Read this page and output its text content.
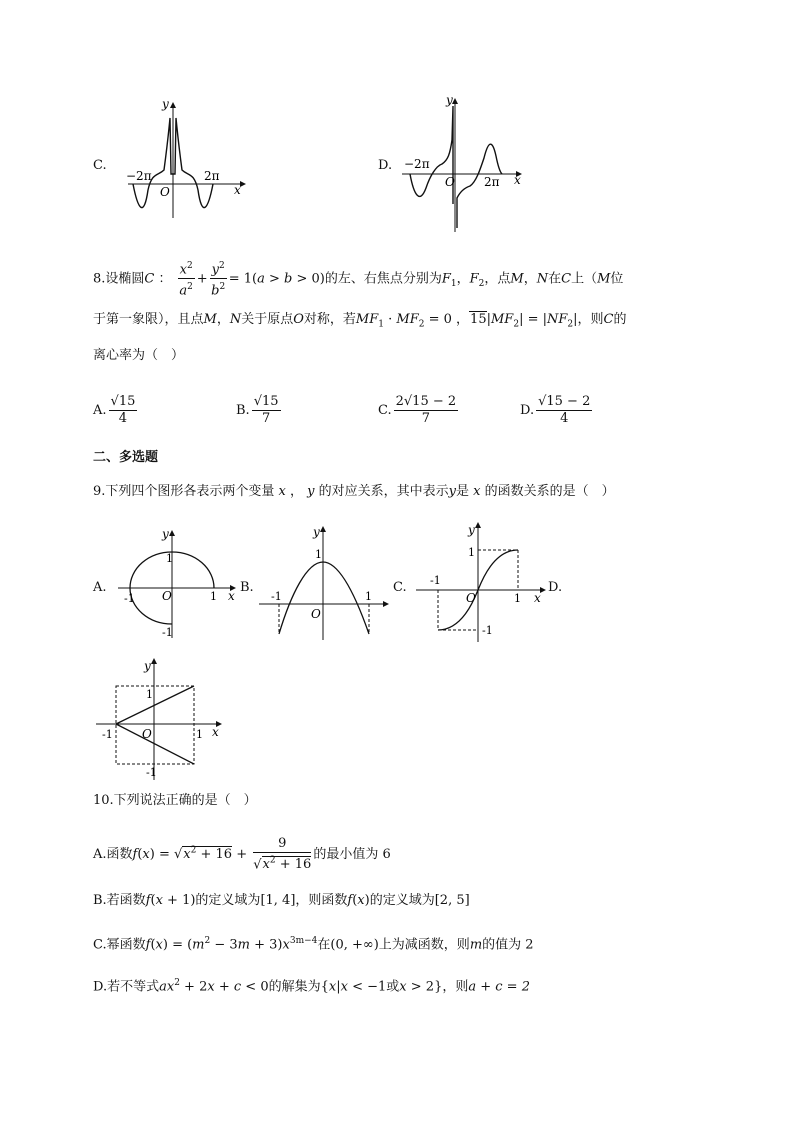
C.
y
x
O
−2π	2π
D.
y
x
O
−2π
2π
8.设椭圆C ： $\frac{x^2}{a^2} + \frac{y^2}{b^2} = 1(a > b > 0)$的左、右焦点分别为$F_1$，$F_2$，点M，N在C上（M位
于第一象限），且点M，N关于原点O对称，若$MF_1 \cdot MF_2 = 0$ ，$15|MF_2| = |NF_2|$，则C的
离心率为（　）
A. $\frac{√15}{4}$	B. $\frac{√15}{7}$	C. $\frac{2√15 - 2}{7}$	D. $\frac{√15 - 2}{4}$
二、多选题
9.下列四个图形各表示两个变量 x ， y 的对应关系，其中表示y是 x 的函数关系的是（　）
A.
y
x
O
1
1
-1
-1
B.
y
1
-1	1
O
C.
y
1
-1
1
-1
x
O
D.
y
1
-1	1
-1
x
O
10.下列说法正确的是（　）
A.函数$f(x) = √x^2 + 16 + \frac{9}{√x^2 + 16}$ 的最小值为 6
B.若函数f(x + 1)的定义域为[1, 4]，则函数f(x)的定义域为[2, 5]
C.幂函数$f(x) = (m^2 - 3m + 3)x^{3m-4}$在(0, +∞)上为减函数，则m的值为 2
D.若不等式$ax^2 + 2x + c < 0$的解集为{x|x < −1或x > 2}，则a + c = 2
